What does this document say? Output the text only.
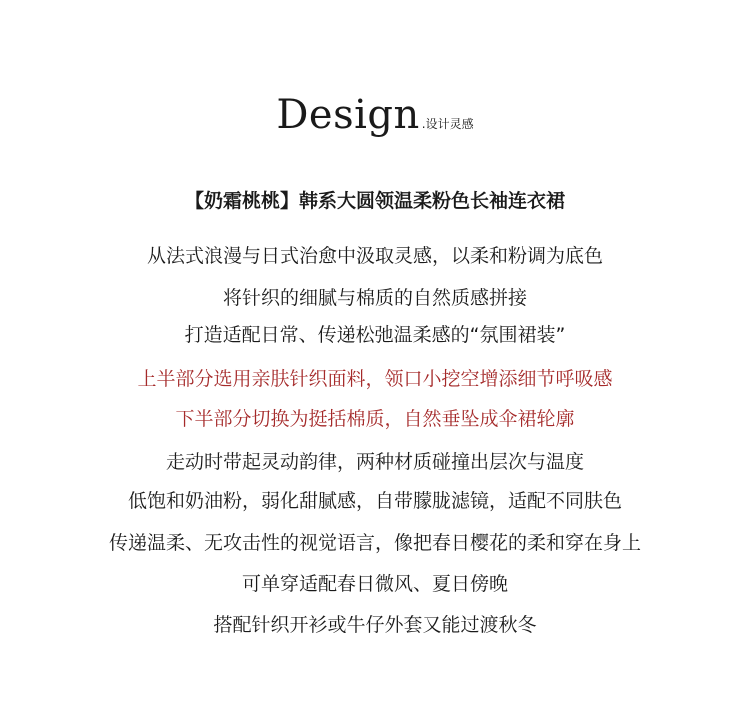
Design .设计灵感
【奶霜桃桃】韩系大圆领温柔粉色长袖连衣裙
从法式浪漫与日式治愈中汲取灵感，以柔和粉调为底色
将针织的细腻与棉质的自然质感拼接
打造适配日常、传递松弛温柔感的“氛围裙装”
上半部分选用亲肤针织面料，领口小挖空增添细节呼吸感
下半部分切换为挺括棉质，自然垂坠成伞裙轮廓
走动时带起灵动韵律，两种材质碰撞出层次与温度
低饱和奶油粉，弱化甜腻感，自带朦胧滤镜，适配不同肤色
传递温柔、无攻击性的视觉语言，像把春日樱花的柔和穿在身上
可单穿适配春日微风、夏日傍晚
搭配针织开衫或牛仔外套又能过渡秋冬
